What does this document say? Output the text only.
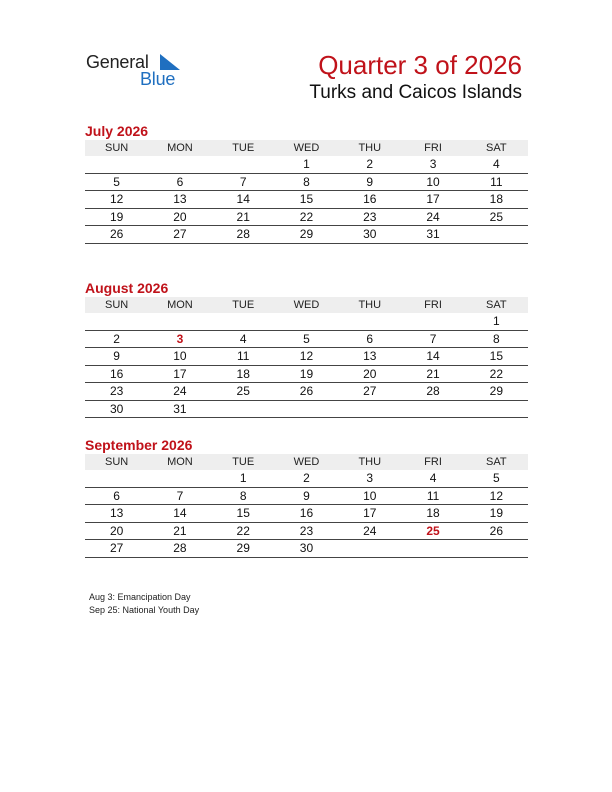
General
Blue	Quarter 3 of 2026
Turks and Caicos Islands
July 2026
SUN	MON	TUE	WED	THU	FRI	SAT
			1	2	3	4
5	6	7	8	9	10	11
12	13	14	15	16	17	18
19	20	21	22	23	24	25
26	27	28	29	30	31	
August 2026
SUN	MON	TUE	WED	THU	FRI	SAT
						1
2	3	4	5	6	7	8
9	10	11	12	13	14	15
16	17	18	19	20	21	22
23	24	25	26	27	28	29
30	31					
September 2026
SUN	MON	TUE	WED	THU	FRI	SAT
		1	2	3	4	5
6	7	8	9	10	11	12
13	14	15	16	17	18	19
20	21	22	23	24	25	26
27	28	29	30			
Aug 3: Emancipation Day
Sep 25: National Youth Day
